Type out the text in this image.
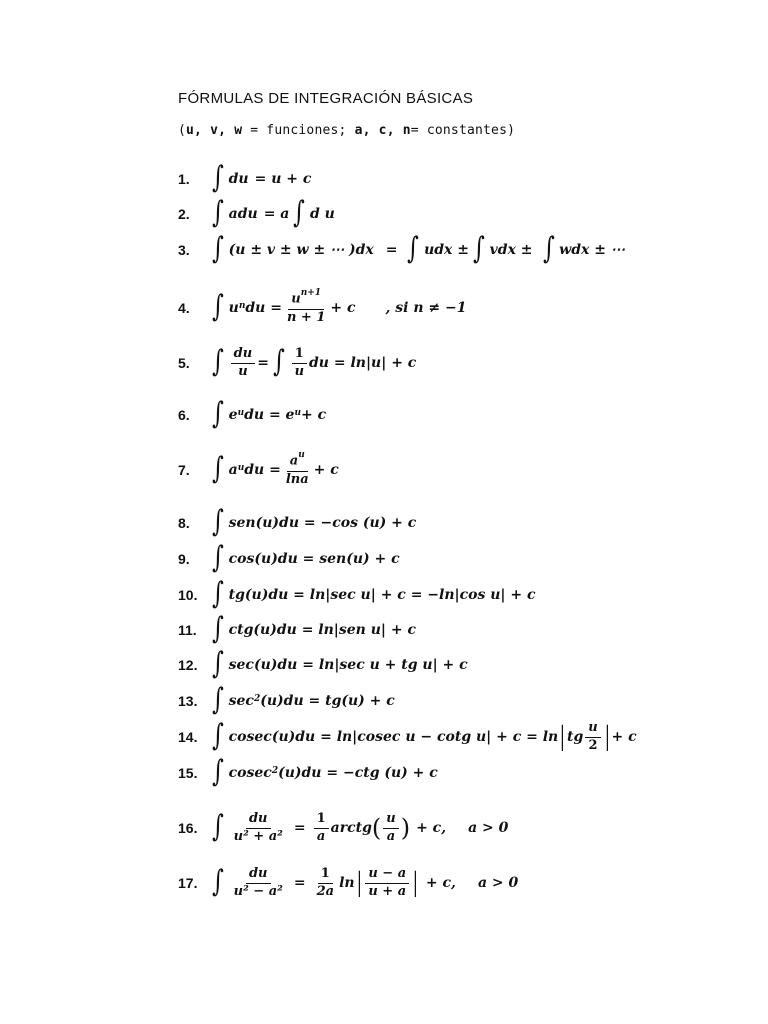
FÓRMULAS DE INTEGRACIÓN BÁSICAS
(u, v, w = funciones; a, c, n= constantes)
1. ∫ du = u + c
2. ∫ adu = a ∫ d u
3. ∫ (u ± v ± w ± ⋯ )dx = ∫ udx ± ∫ vdx ± ∫ wdx ± ⋯
4. ∫ $u^n$ du = $\frac{u^{n+1}}{n + 1} + c$ , si n ≠ −1
5. ∫ $\frac{du}{u}$ = ∫ $\frac{1}{u}$ du = ln|u| + c
6. ∫ $e^u$ du = $e^u + c$
7. ∫ $a^u$ du = $\frac{a^u}{\ln a} + c$
8. ∫ sen(u)du = −cos (u) + c
9. ∫ cos(u)du = sen(u) + c
10. ∫ tg(u)du = ln|sec u| + c = −ln|cos u| + c
11. ∫ ctg(u)du = ln|sen u| + c
12. ∫ sec(u)du = ln|sec u + tg u| + c
13. ∫ $\sec^2 (u)du = tg(u) + c$
14. ∫ cosec(u)du = ln|cosec u − cotg u| + c = ln | tg $\frac{u}{2}$ | + c
15. ∫ cosec$^2$ (u)du = −ctg (u) + c
16. ∫ $\frac{du}{\text{u² + a²}} = \frac{1}{a}$ arctg ( $\frac{u}{a}$ ) + c, a > 0
17. ∫ $\frac{du}{\text{u² − a²}} = \frac{1}{2a}$ ln | $\frac{u - a}{u + a}$ | + c, a > 0
